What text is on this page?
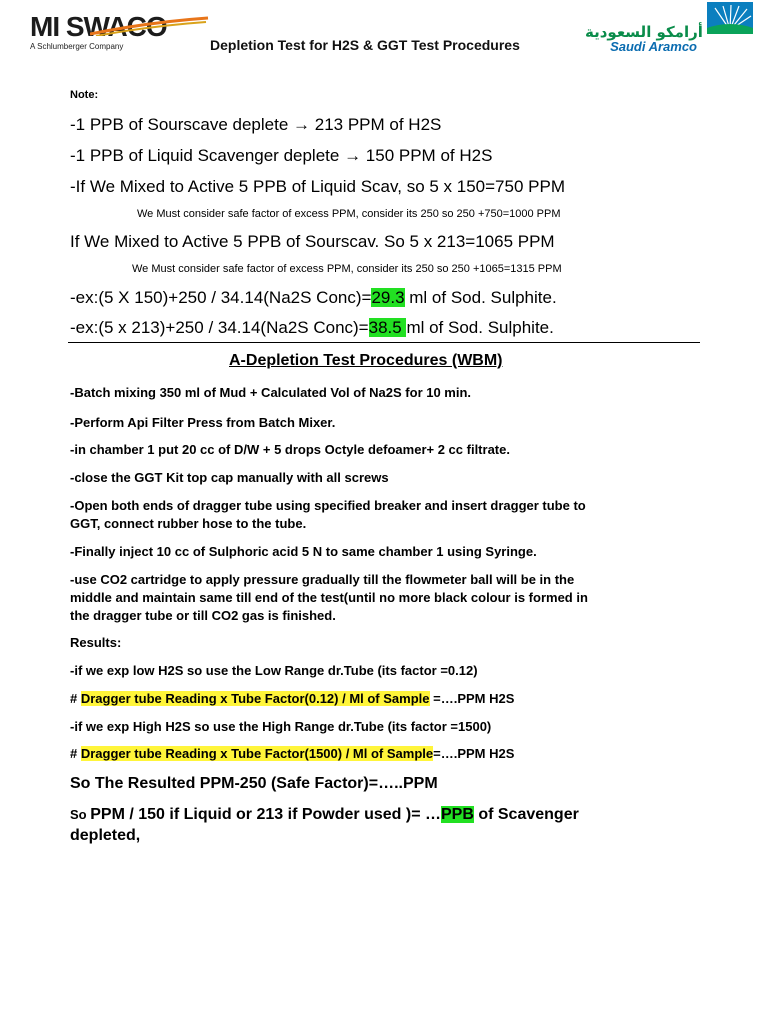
MI SWACO
A Schlumberger Company	Depletion Test for H2S & GGT Test Procedures
أرامكو السعودية
Saudi Aramco
Note:
-1 PPB of Sourscave deplete → 213 PPM of H2S
-1 PPB of Liquid Scavenger deplete → 150 PPM of H2S
-If We Mixed to Active 5 PPB of Liquid Scav, so 5 x 150=750 PPM
We Must consider safe factor of excess PPM, consider its 250 so 250 +750=1000 PPM
If We Mixed to Active 5 PPB of Sourscav. So 5 x 213=1065 PPM
We Must consider safe factor of excess PPM, consider its 250 so 250 +1065=1315 PPM
-ex:(5 X 150)+250 / 34.14(Na2S Conc)=29.3 ml of Sod. Sulphite.
-ex:(5 x 213)+250 / 34.14(Na2S Conc)=38.5 ml of Sod. Sulphite.
A-Depletion Test Procedures (WBM)
-Batch mixing 350 ml of Mud + Calculated Vol of Na2S for 10 min.
-Perform Api Filter Press from Batch Mixer.
-in chamber 1 put 20 cc of D/W + 5 drops Octyle defoamer+ 2 cc filtrate.
-close the GGT Kit top cap manually with all screws
-Open both ends of dragger tube using specified breaker and insert dragger tube to
GGT, connect rubber hose to the tube.
-Finally inject 10 cc of Sulphoric acid 5 N to same chamber 1 using Syringe.
-use CO2 cartridge to apply pressure gradually till the flowmeter ball will be in the
middle and maintain same till end of the test(until no more black colour is formed in
the dragger tube or till CO2 gas is finished.
Results:
-if we exp low H2S so use the Low Range dr.Tube (its factor =0.12)
# Dragger tube Reading x Tube Factor(0.12) / Ml of Sample =….PPM H2S
-if we exp High H2S so use the High Range dr.Tube (its factor =1500)
# Dragger tube Reading x Tube Factor(1500) / Ml of Sample=….PPM H2S
So The Resulted PPM-250 (Safe Factor)=…..PPM
So PPM / 150 if Liquid or 213 if Powder used )= …PPB of Scavenger
depleted,
